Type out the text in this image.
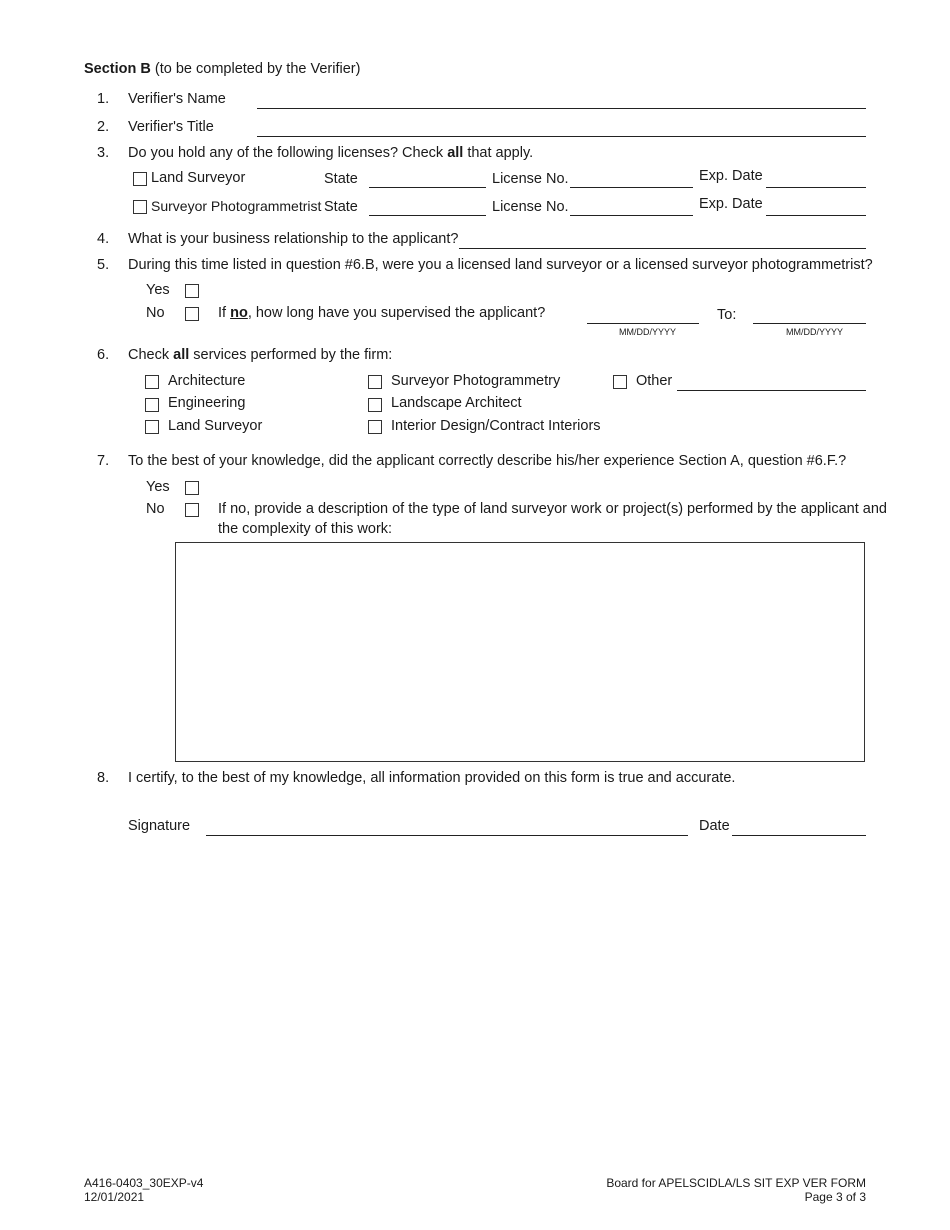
Section B (to be completed by the Verifier)
1. Verifier's Name
2. Verifier's Title
3. Do you hold any of the following licenses? Check all that apply.
Land Surveyor	State	License No.	Exp. Date
Surveyor Photogrammetrist State	License No.	Exp. Date
4. What is your business relationship to the applicant?
5. During this time listed in question #6.B, were you a licensed land surveyor or a licensed surveyor photogrammetrist?
Yes
No	If no, how long have you supervised the applicant?
MM/DD/YYYY
To:
MM/DD/YYYY
6. Check all services performed by the firm:
Architecture
Engineering
Land Surveyor
Surveyor Photogrammetry
Landscape Architect
Interior Design/Contract Interiors
Other
7. To the best of your knowledge, did the applicant correctly describe his/her experience Section A, question #6.F.?
Yes
No	If no, provide a description of the type of land surveyor work or project(s) performed by the applicant and
the complexity of this work:
8. I certify, to the best of my knowledge, all information provided on this form is true and accurate.
Signature	Date
A416-0403_30EXP-v4
12/01/2021
Board for APELSCIDLA/LS SIT EXP VER FORM
Page 3 of 3
